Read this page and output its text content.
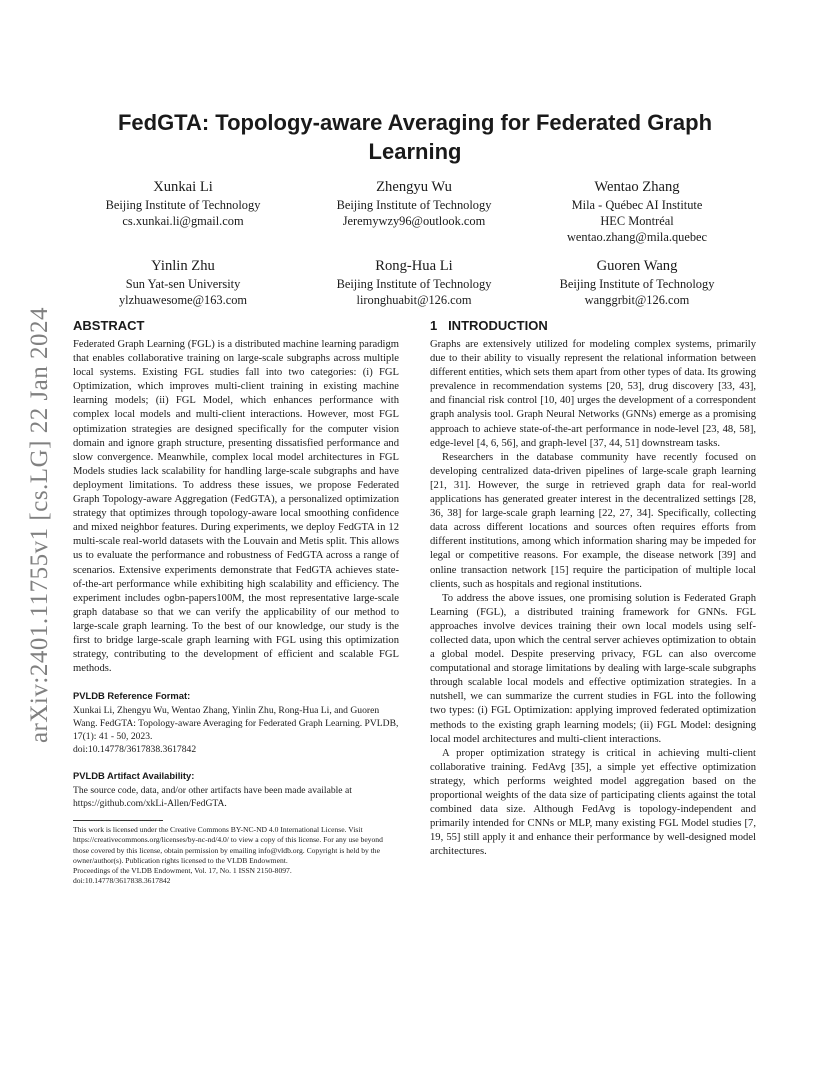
arXiv:2401.11755v1 [cs.LG] 22 Jan 2024
FedGTA: Topology-aware Averaging for Federated Graph Learning
Xunkai Li
Beijing Institute of Technology
cs.xunkai.li@gmail.com
Zhengyu Wu
Beijing Institute of Technology
Jeremywzy96@outlook.com
Wentao Zhang
Mila - Québec AI Institute
HEC Montréal
wentao.zhang@mila.quebec
Yinlin Zhu
Sun Yat-sen University
ylzhuawesome@163.com
Rong-Hua Li
Beijing Institute of Technology
lironghuabit@126.com
Guoren Wang
Beijing Institute of Technology
wanggrbit@126.com
ABSTRACT

Federated Graph Learning (FGL) is a distributed machine learning paradigm that enables collaborative training on large-scale subgraphs across multiple local systems. Existing FGL studies fall into two categories: (i) FGL Optimization, which improves multi-client training in existing machine learning models; (ii) FGL Model, which enhances performance with complex local models and multi-client interactions. However, most FGL optimization strategies are designed specifically for the computer vision domain and ignore graph structure, presenting dissatisfied performance and slow convergence. Meanwhile, complex local model architectures in FGL Models studies lack scalability for handling large-scale subgraphs and have deployment limitations. To address these issues, we propose Federated Graph Topology-aware Aggregation (FedGTA), a personalized optimization strategy that optimizes through topology-aware local smoothing confidence and mixed neighbor features. During experiments, we deploy FedGTA in 12 multi-scale real-world datasets with the Louvain and Metis split. This allows us to evaluate the performance and robustness of FedGTA across a range of scenarios. Extensive experiments demonstrate that FedGTA achieves state-of-the-art performance while exhibiting high scalability and efficiency. The experiment includes ogbn-papers100M, the most representative large-scale graph database so that we can verify the applicability of our method to large-scale graph learning. To the best of our knowledge, our study is the first to bridge large-scale graph learning with FGL using this optimization strategy, contributing to the development of efficient and scalable FGL methods.

PVLDB Reference Format:
Xunkai Li, Zhengyu Wu, Wentao Zhang, Yinlin Zhu, Rong-Hua Li, and Guoren Wang. FedGTA: Topology-aware Averaging for Federated Graph Learning. PVLDB, 17(1): 41 - 50, 2023.
doi:10.14778/3617838.3617842
PVLDB Artifact Availability:
The source code, data, and/or other artifacts have been made available at https://github.com/xkLi-Allen/FedGTA.
This work is licensed under the Creative Commons BY-NC-ND 4.0 International License. Visit https://creativecommons.org/licenses/by-nc-nd/4.0/ to view a copy of this license. For any use beyond those covered by this license, obtain permission by emailing info@vldb.org. Copyright is held by the owner/author(s). Publication rights licensed to the VLDB Endowment.
Proceedings of the VLDB Endowment, Vol. 17, No. 1 ISSN 2150-8097.
doi:10.14778/3617838.3617842
1   INTRODUCTION

Graphs are extensively utilized for modeling complex systems, primarily due to their ability to visually represent the relational information between different entities, which sets them apart from other types of data. Its growing prevalence in recommendation systems [20, 53], drug discovery [33, 43], and financial risk control [10, 40] urges the development of a correspondent graph analysis tool. Graph Neural Networks (GNNs) emerge as a promising approach to achieve state-of-the-art performance in node-level [23, 48, 58], edge-level [4, 6, 56], and graph-level [37, 44, 51] downstream tasks.

Researchers in the database community have recently focused on developing centralized data-driven pipelines of large-scale graph learning [21, 31]. However, the surge in retrieved graph data for real-world applications has generated greater interest in the decentralized settings [28, 36, 38] for large-scale graph learning [22, 27, 34]. Specifically, collecting data across different locations and sources often requires efforts from different institutions, among which information sharing may be impeded for legal or competitive reasons. For example, the disease network [39] and online transaction network [15] require the participation of multiple local clients, such as hospitals and regional institutions.

To address the above issues, one promising solution is Federated Graph Learning (FGL), a distributed training framework for GNNs. FGL approaches involve devices training their own local models using self-collected data, upon which the central server achieves optimization to obtain a global model. Despite preserving privacy, FGL can also overcome computational and storage limitations by dealing with large-scale subgraphs through scalable local models and effective optimization strategies. In a nutshell, we can summarize the current studies in FGL into the following two types: (i) FGL Optimization: applying improved federated optimization methods to the existing graph learning models; (ii) FGL Model: designing local model architectures and multi-client interactions.

A proper optimization strategy is critical in achieving multi-client collaborative training. FedAvg [35], a simple yet effective optimization strategy, which performs weighted model aggregation based on the proportional weights of the data size of participating clients against the total combined data size. Although FedAvg is topology-independent and primarily intended for CNNs or MLP, many existing FGL Model studies [7, 19, 55] still apply it and enhance their performance by well-designed model architectures.
